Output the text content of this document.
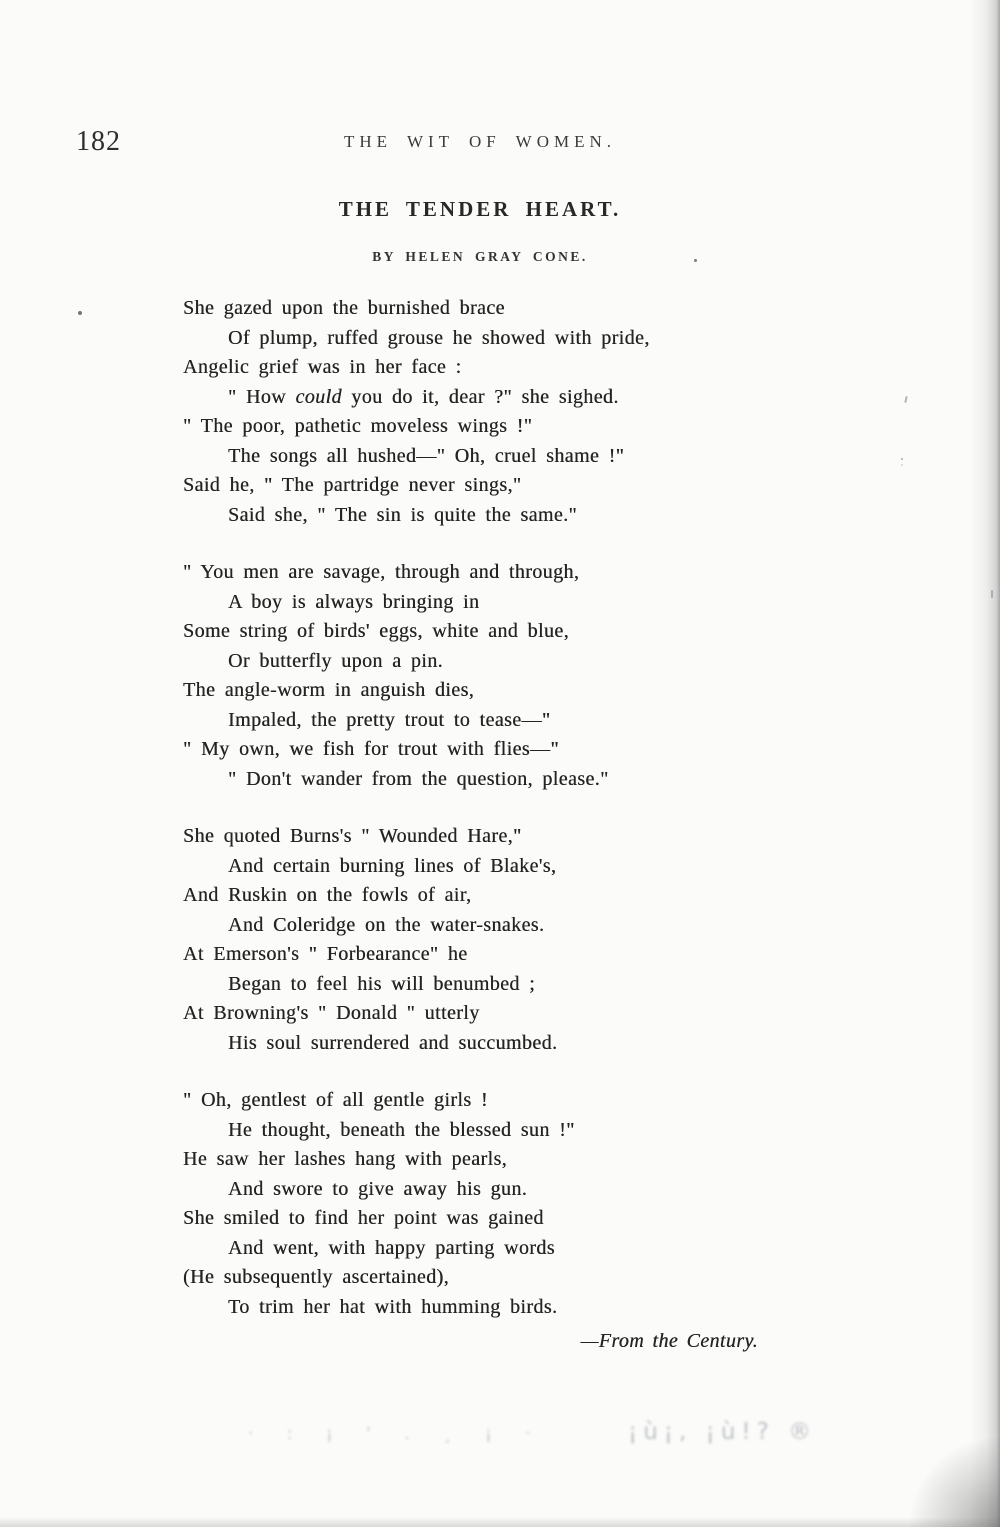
182	THE WIT OF WOMEN.
THE TENDER HEART.
BY HELEN GRAY CONE.
She gazed upon the burnished brace
Of plump, ruffed grouse he showed with pride,
Angelic grief was in her face :
" How could you do it, dear ?" she sighed.
" The poor, pathetic moveless wings !"
The songs all hushed—" Oh, cruel shame !"
Said he, " The partridge never sings,"
Said she, " The sin is quite the same."
" You men are savage, through and through,
A boy is always bringing in
Some string of birds' eggs, white and blue,
Or butterfly upon a pin.
The angle-worm in anguish dies,
Impaled, the pretty trout to tease—"
" My own, we fish for trout with flies—"
" Don't wander from the question, please."
She quoted Burns's " Wounded Hare,"
And certain burning lines of Blake's,
And Ruskin on the fowls of air,
And Coleridge on the water-snakes.
At Emerson's " Forbearance" he
Began to feel his will benumbed ;
At Browning's " Donald " utterly
His soul surrendered and succumbed.
" Oh, gentlest of all gentle girls !
He thought, beneath the blessed sun !"
He saw her lashes hang with pearls,
And swore to give away his gun.
She smiled to find her point was gained
And went, with happy parting words
(He subsequently ascertained),
To trim her hat with humming birds.
—From the Century.
· : ¡ ' . ¸ ¡ ·	¡ù¡, ¡ù!? ®
